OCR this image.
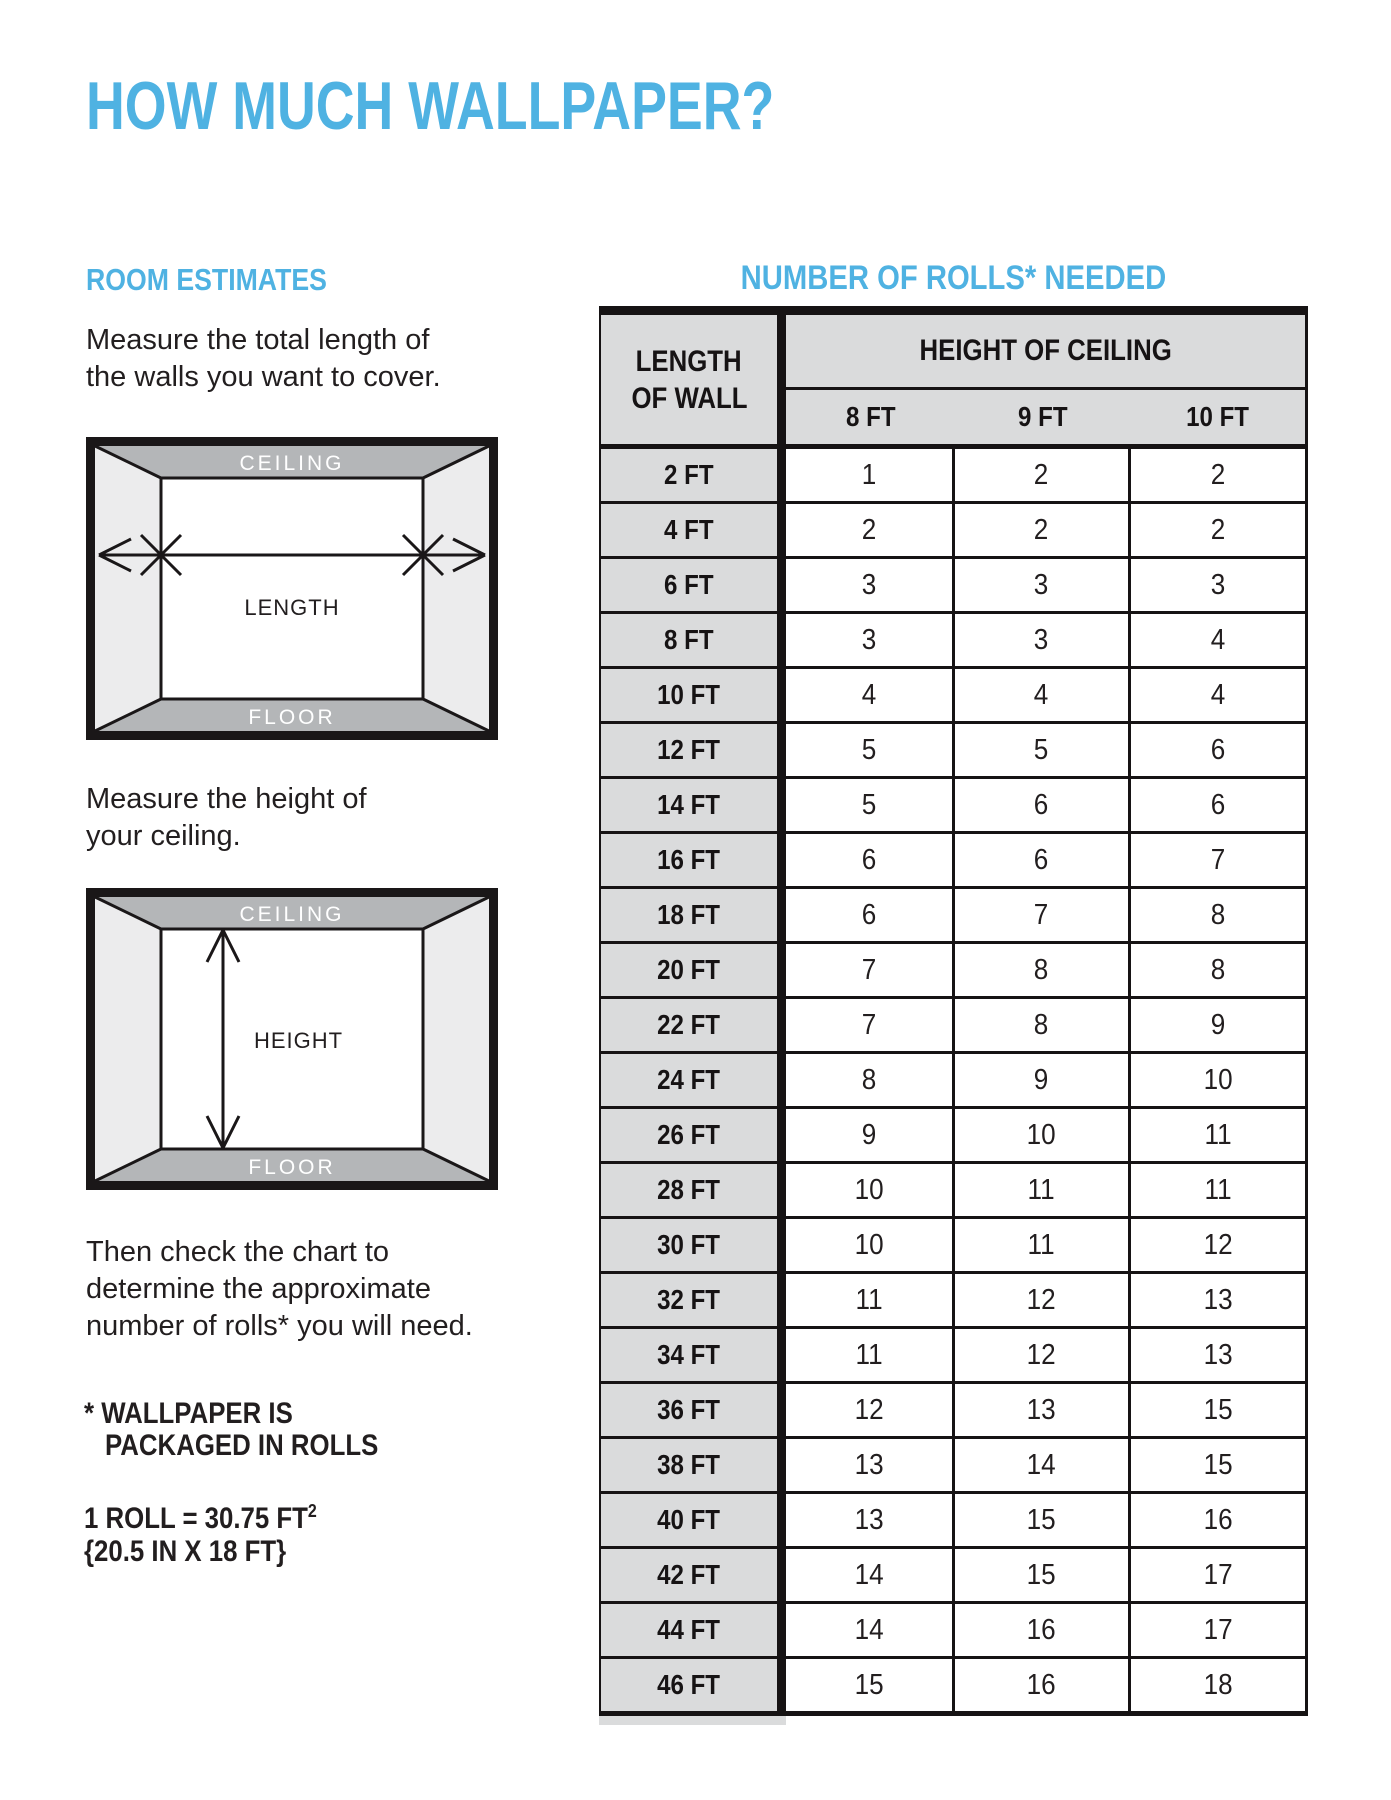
HOW MUCH WALLPAPER?
ROOM ESTIMATES
Measure the total length of
the walls you want to cover.
CEILING
FLOOR
LENGTH
Measure the height of
your ceiling.
CEILING
FLOOR
HEIGHT
Then check the chart to
determine the approximate
number of rolls* you will need.
* WALLPAPER IS
PACKAGED IN ROLLS
1 ROLL = 30.75 $FT^2$
{20.5 IN X 18 FT}
NUMBER OF ROLLS* NEEDED
LENGTH
OF WALL
HEIGHT OF CEILING
8 FT	9 FT	10 FT
2 FT	1	2	2
4 FT	2	2	2
6 FT	3	3	3
8 FT	3	3	4
10 FT	4	4	4
12 FT	5	5	6
14 FT	5	6	6
16 FT	6	6	7
18 FT	6	7	8
20 FT	7	8	8
22 FT	7	8	9
24 FT	8	9	10
26 FT	9	10	11
28 FT	10	11	11
30 FT	10	11	12
32 FT	11	12	13
34 FT	11	12	13
36 FT	12	13	15
38 FT	13	14	15
40 FT	13	15	16
42 FT	14	15	17
44 FT	14	16	17
46 FT	15	16	18
